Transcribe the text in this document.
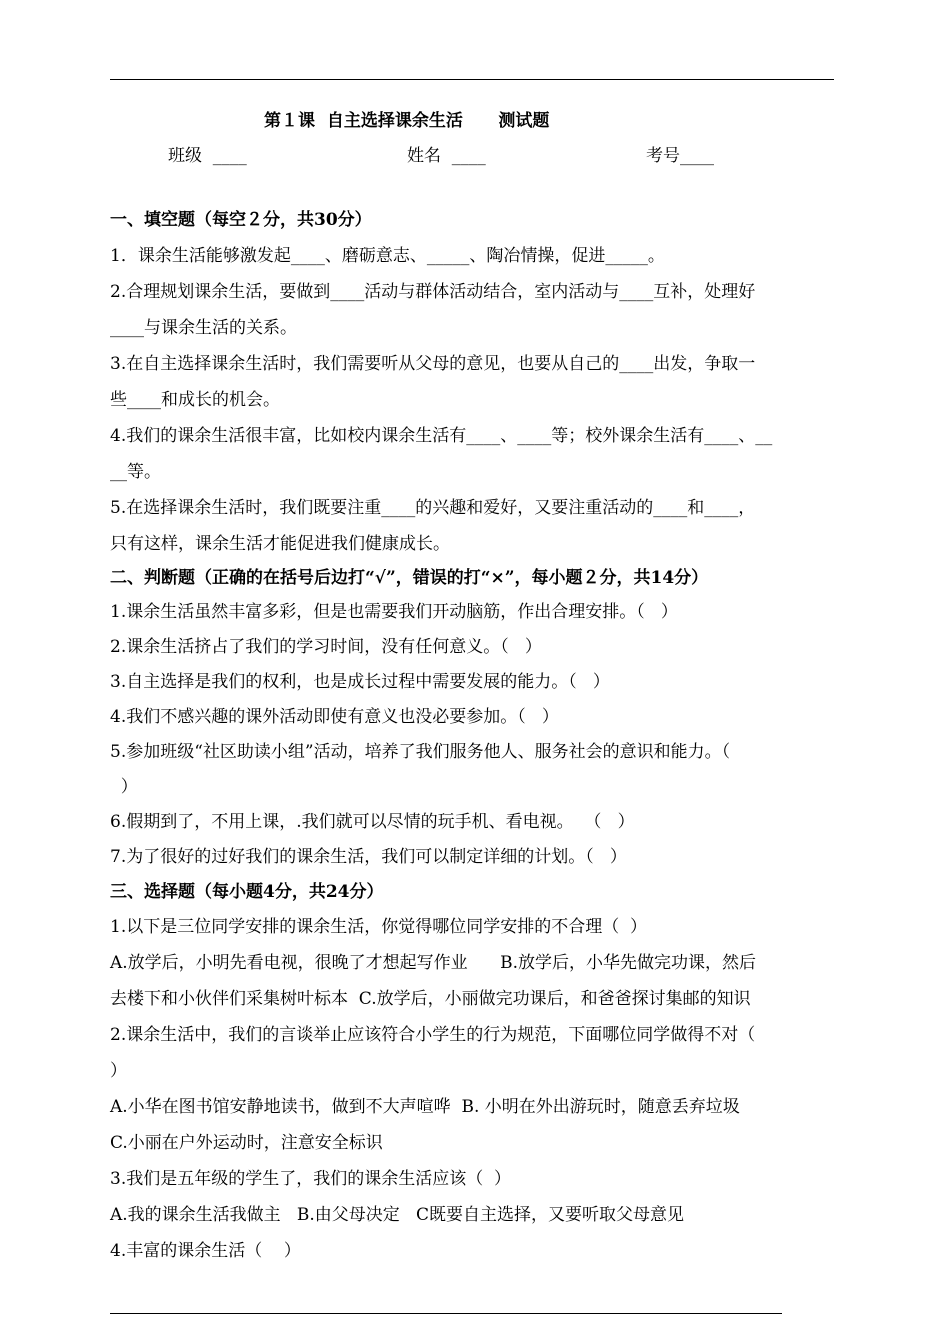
第１课  自主选择课余生活      测试题
班级  ____	姓名  ____	考号____
一、填空题（每空２分，共30分）
1．课余生活能够激发起____、磨砺意志、_____、陶冶情操，促进_____。
2.合理规划课余生活，要做到____活动与群体活动结合，室内活动与____互补，处理好
____与课余生活的关系。
3.在自主选择课余生活时，我们需要听从父母的意见，也要从自己的____出发，争取一
些____和成长的机会。
4.我们的课余生活很丰富，比如校内课余生活有____、____等；校外课余生活有____、__
__等。
5.在选择课余生活时，我们既要注重____的兴趣和爱好，又要注重活动的____和____，
只有这样，课余生活才能促进我们健康成长。
二、判断题（正确的在括号后边打“√”，错误的打“×”，每小题２分，共14分）
1.课余生活虽然丰富多彩，但是也需要我们开动脑筋，作出合理安排。（   ）
2.课余生活挤占了我们的学习时间，没有任何意义。（   ）
3.自主选择是我们的权利，也是成长过程中需要发展的能力。（   ）
4.我们不感兴趣的课外活动即使有意义也没必要参加。（   ）
5.参加班级“社区助读小组”活动，培养了我们服务他人、服务社会的意识和能力。（
）
6.假期到了，不用上课，.我们就可以尽情的玩手机、看电视。  （   ）
7.为了很好的过好我们的课余生活，我们可以制定详细的计划。（   ）
三、选择题（每小题4分，共24分）
1.以下是三位同学安排的课余生活，你觉得哪位同学安排的不合理（  ）
A.放学后，小明先看电视，很晚了才想起写作业      B.放学后，小华先做完功课，然后
去楼下和小伙伴们采集树叶标本  C.放学后，小丽做完功课后，和爸爸探讨集邮的知识
2.课余生活中，我们的言谈举止应该符合小学生的行为规范，下面哪位同学做得不对（
）
A.小华在图书馆安静地读书，做到不大声喧哗  B. 小明在外出游玩时，随意丢弃垃圾
C.小丽在户外运动时，注意安全标识
3.我们是五年级的学生了，我们的课余生活应该（  ）
A.我的课余生活我做主   B.由父母决定   C既要自主选择，又要听取父母意见
4.丰富的课余生活（    ）
